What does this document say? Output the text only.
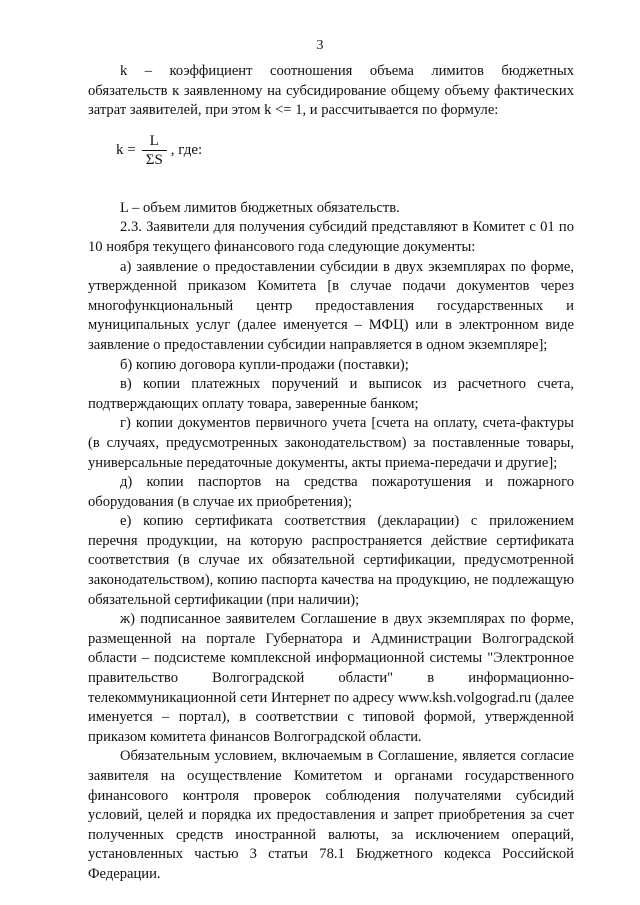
3

k – коэффициент соотношения объема лимитов бюджетных обязательств к заявленному на субсидирование общему объему фактических затрат заявителей, при этом k <= 1, и рассчитывается по формуле:

$k = \frac{L}{\Sigma S}$ , где:

L – объем лимитов бюджетных обязательств.

2.3. Заявители для получения субсидий представляют в Комитет с 01 по 10 ноября текущего финансового года следующие документы:

а) заявление о предоставлении субсидии в двух экземплярах по форме, утвержденной приказом Комитета [в случае подачи документов через многофункциональный центр предоставления государственных и муниципальных услуг (далее именуется – МФЦ) или в электронном виде заявление о предоставлении субсидии направляется в одном экземпляре];

б) копию договора купли-продажи (поставки);

в) копии платежных поручений и выписок из расчетного счета, подтверждающих оплату товара, заверенные банком;

г) копии документов первичного учета [счета на оплату, счета-фактуры (в случаях, предусмотренных законодательством) за поставленные товары, универсальные передаточные документы, акты приема-передачи и другие];

д) копии паспортов на средства пожаротушения и пожарного оборудования (в случае их приобретения);

е) копию сертификата соответствия (декларации) с приложением перечня продукции, на которую распространяется действие сертификата соответствия (в случае их обязательной сертификации, предусмотренной законодательством), копию паспорта качества на продукцию, не подлежащую обязательной сертификации (при наличии);

ж) подписанное заявителем Соглашение в двух экземплярах по форме, размещенной на портале Губернатора и Администрации Волгоградской области – подсистеме комплексной информационной системы "Электронное правительство Волгоградской области" в информационно-телекоммуникационной сети Интернет по адресу www.ksh.volgograd.ru (далее именуется – портал), в соответствии с типовой формой, утвержденной приказом комитета финансов Волгоградской области.

Обязательным условием, включаемым в Соглашение, является согласие заявителя на осуществление Комитетом и органами государственного финансового контроля проверок соблюдения получателями субсидий условий, целей и порядка их предоставления и запрет приобретения за счет полученных средств иностранной валюты, за исключением операций, установленных частью 3 статьи 78.1 Бюджетного кодекса Российской Федерации.
